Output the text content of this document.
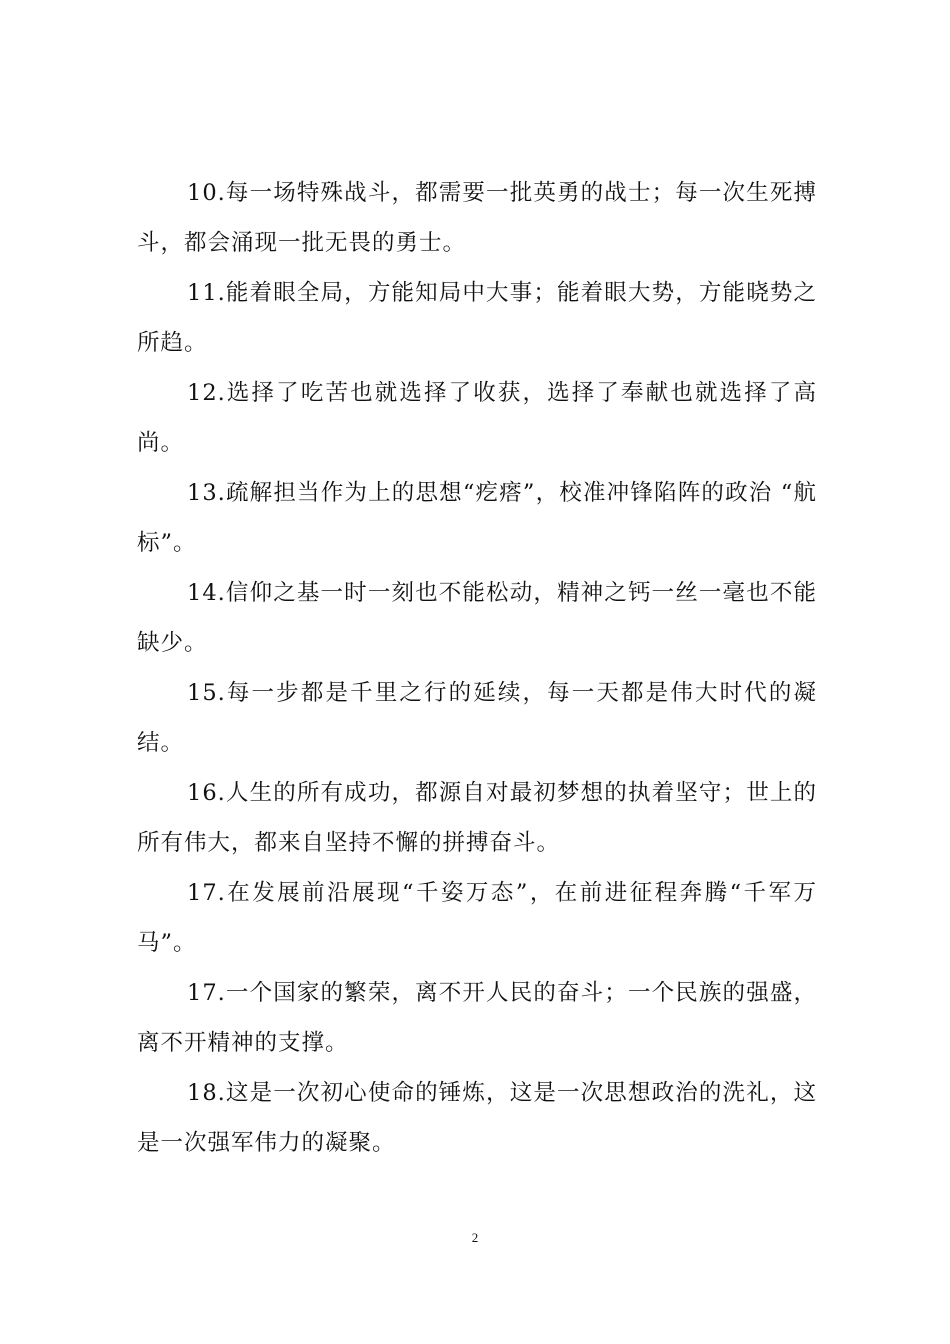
10.每一场特殊战斗，都需要一批英勇的战士；每一次生死搏斗，都会涌现一批无畏的勇士。

11.能着眼全局，方能知局中大事；能着眼大势，方能晓势之所趋。

12.选择了吃苦也就选择了收获，选择了奉献也就选择了高尚。

13.疏解担当作为上的思想“疙瘩”，校准冲锋陷阵的政治 “航标”。

14.信仰之基一时一刻也不能松动，精神之钙一丝一毫也不能缺少。

15.每一步都是千里之行的延续，每一天都是伟大时代的凝结。

16.人生的所有成功，都源自对最初梦想的执着坚守；世上的所有伟大，都来自坚持不懈的拼搏奋斗。

17.在发展前沿展现“千姿万态”，在前进征程奔腾“千军万马”。

17.一个国家的繁荣，离不开人民的奋斗；一个民族的强盛，离不开精神的支撑。

18.这是一次初心使命的锤炼，这是一次思想政治的洗礼，这是一次强军伟力的凝聚。

2
